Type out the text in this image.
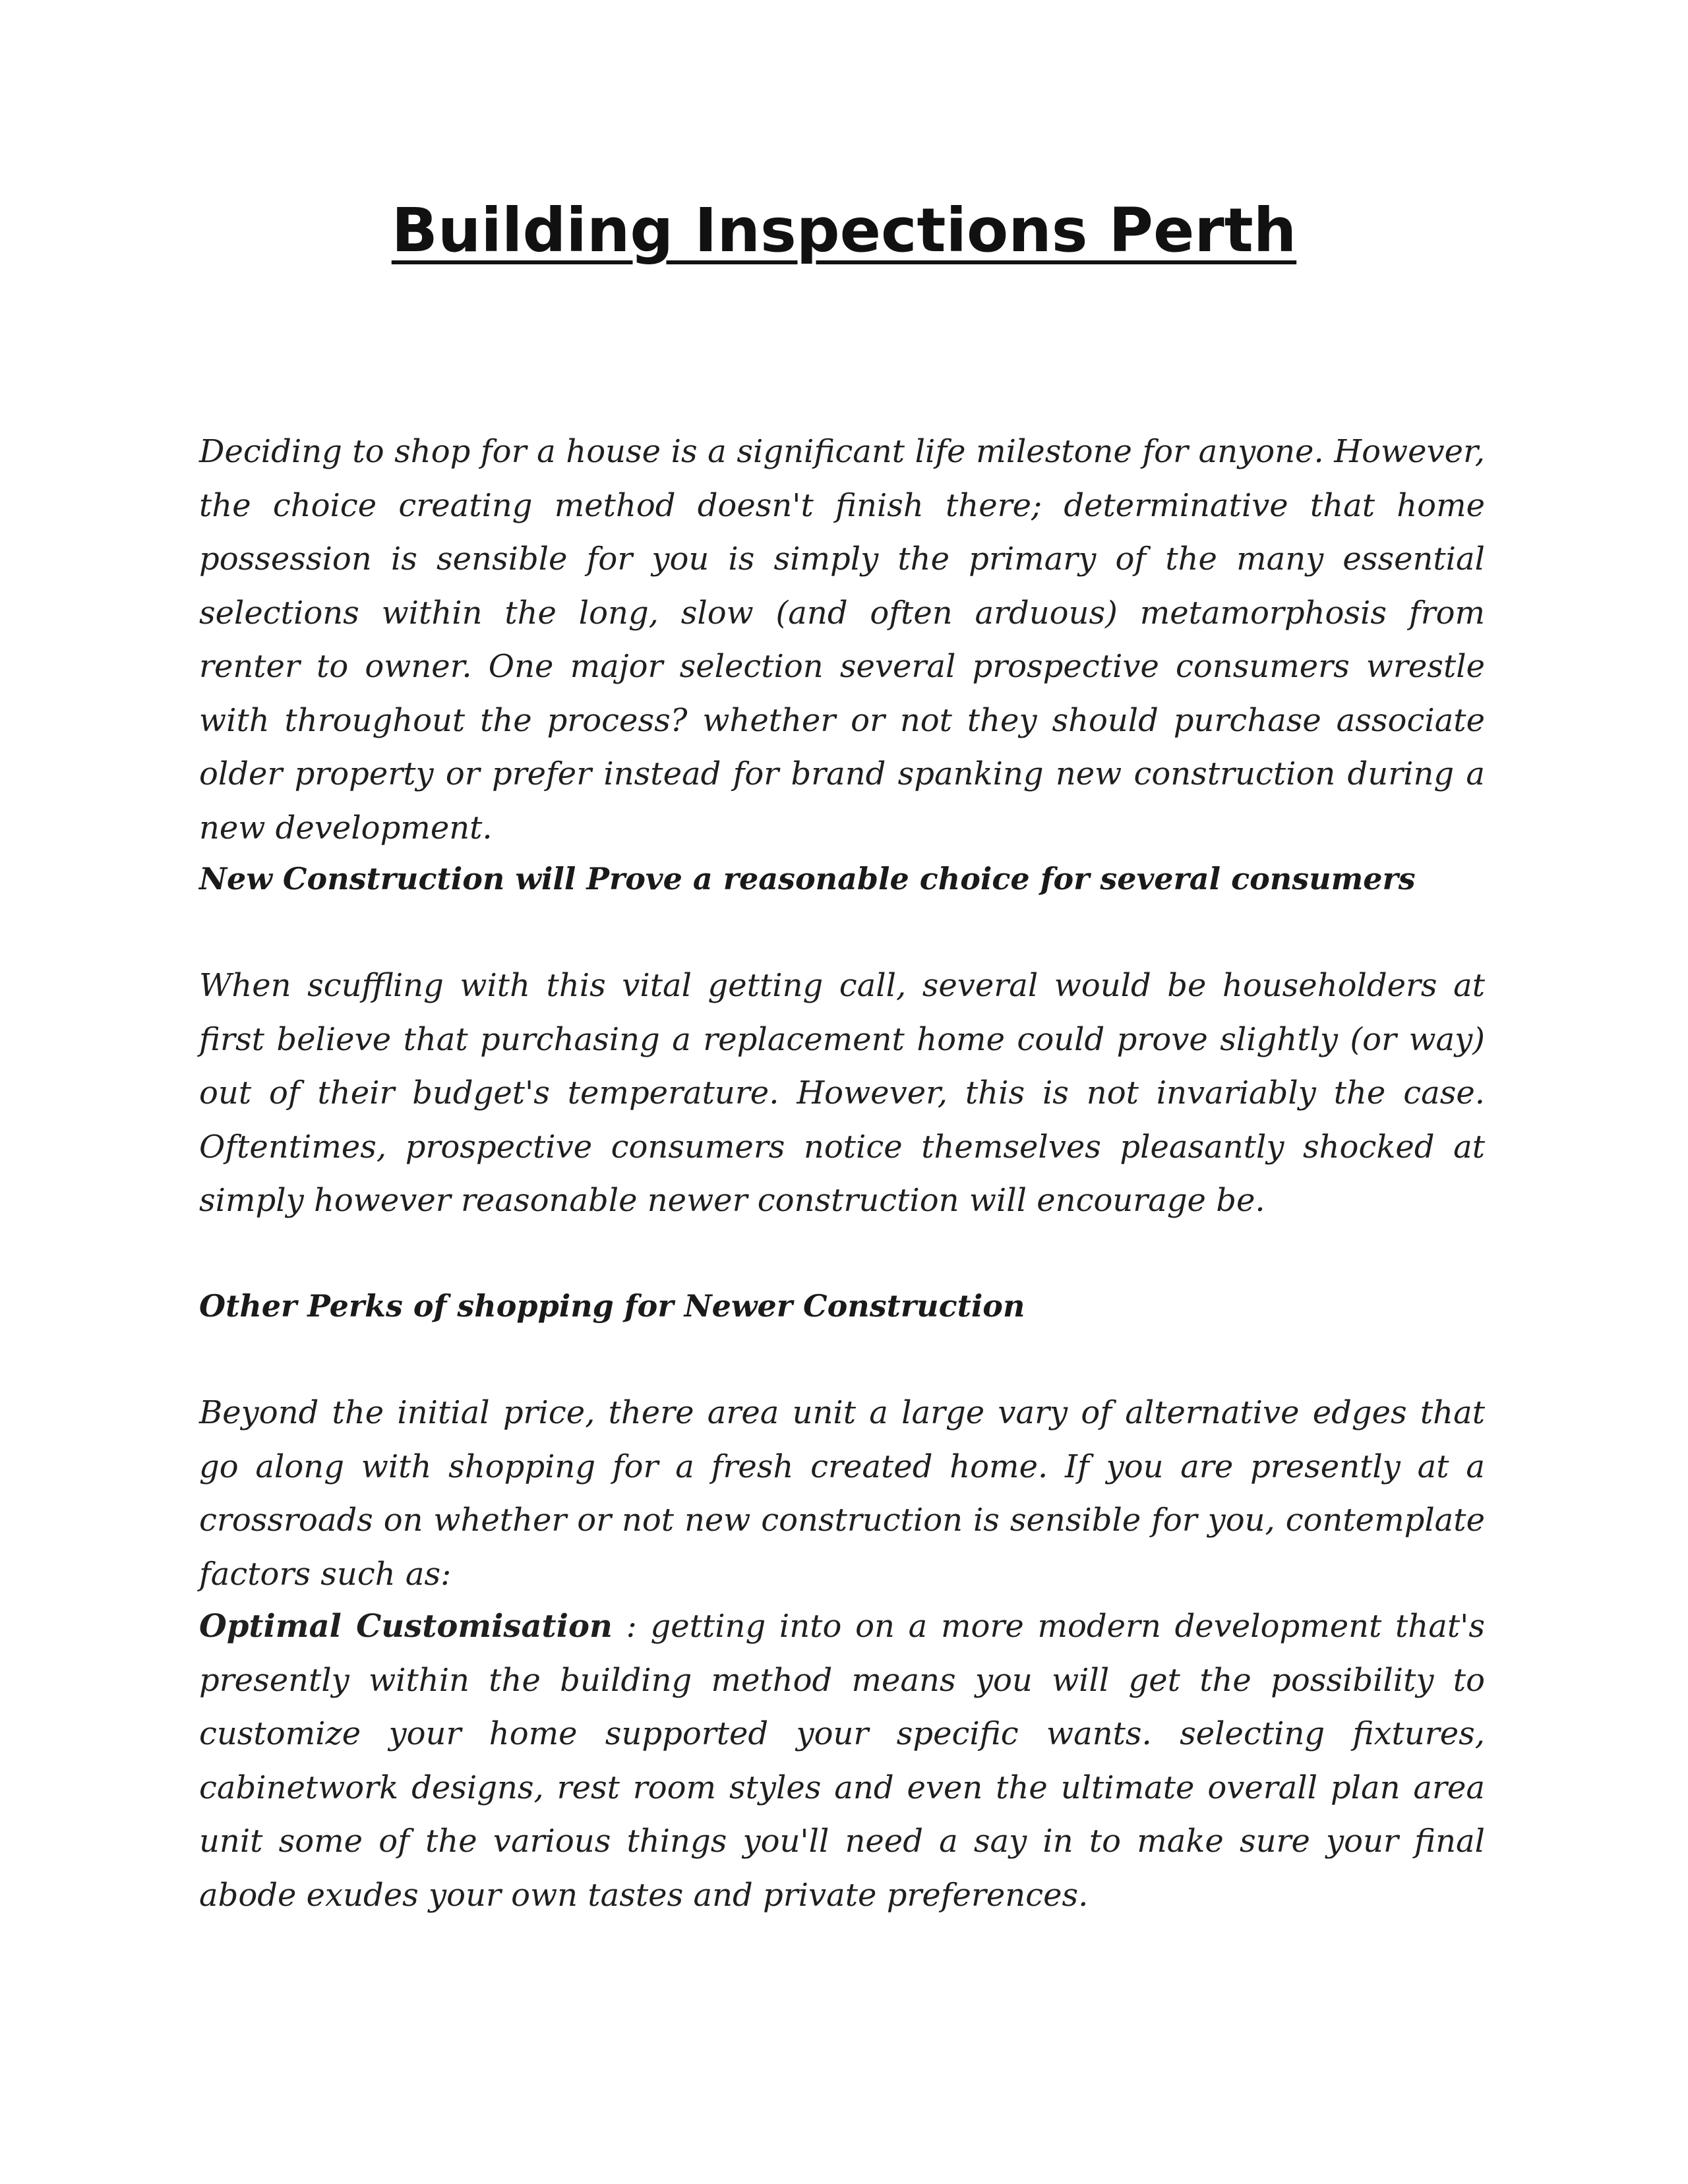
Building Inspections Perth

Deciding to shop for a house is a significant life milestone for anyone. However, the choice creating method doesn't finish there; determinative that home possession is sensible for you is simply the primary of the many essential selections within the long, slow (and often arduous) metamorphosis from renter to owner. One major selection several prospective consumers wrestle with throughout the process? whether or not they should purchase associate older property or prefer instead for brand spanking new construction during a new development.

New Construction will Prove a reasonable choice for several consumers

When scuffling with this vital getting call, several would be householders at first believe that purchasing a replacement home could prove slightly (or way) out of their budget's temperature. However, this is not invariably the case. Oftentimes, prospective consumers notice themselves pleasantly shocked at simply however reasonable newer construction will encourage be.

Other Perks of shopping for Newer Construction

Beyond the initial price, there area unit a large vary of alternative edges that go along with shopping for a fresh created home. If you are presently at a crossroads on whether or not new construction is sensible for you, contemplate factors such as:

Optimal Customisation : getting into on a more modern development that's presently within the building method means you will get the possibility to customize your home supported your specific wants. selecting fixtures, cabinetwork designs, rest room styles and even the ultimate overall plan area unit some of the various things you'll need a say in to make sure your final abode exudes your own tastes and private preferences.
